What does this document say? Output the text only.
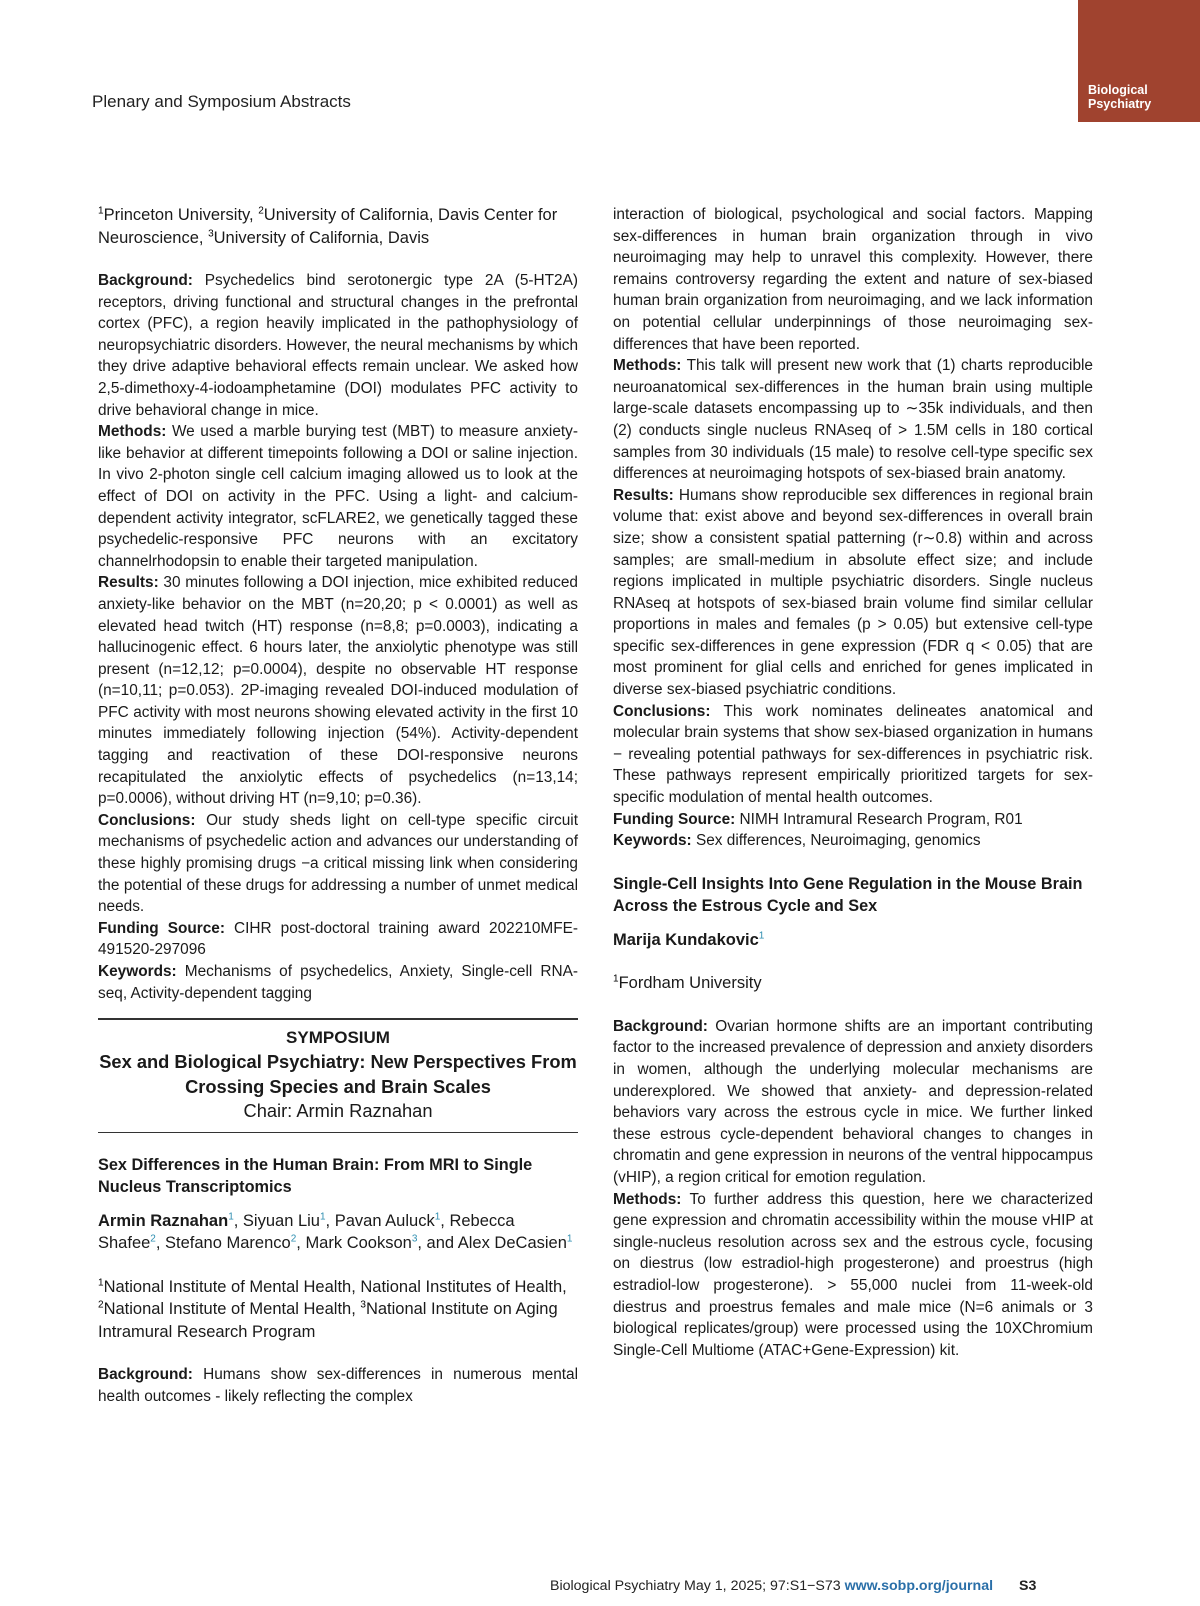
Plenary and Symposium Abstracts
Biological
Psychiatry

$^1$Princeton University, $^2$University of California, Davis Center for Neuroscience, $^3$University of California, Davis

Background: Psychedelics bind serotonergic type 2A (5-HT2A) receptors, driving functional and structural changes in the prefrontal cortex (PFC), a region heavily implicated in the pathophysiology of neuropsychiatric disorders. However, the neural mechanisms by which they drive adaptive behavioral effects remain unclear. We asked how 2,5-dimethoxy-4-iodoamphetamine (DOI) modulates PFC activity to drive behavioral change in mice.

Methods: We used a marble burying test (MBT) to measure anxiety-like behavior at different timepoints following a DOI or saline injection. In vivo 2-photon single cell calcium imaging allowed us to look at the effect of DOI on activity in the PFC. Using a light- and calcium-dependent activity integrator, scFLARE2, we genetically tagged these psychedelic-responsive PFC neurons with an excitatory channelrhodopsin to enable their targeted manipulation.

Results: 30 minutes following a DOI injection, mice exhibited reduced anxiety-like behavior on the MBT (n=20,20; p < 0.0001) as well as elevated head twitch (HT) response (n=8,8; p=0.0003), indicating a hallucinogenic effect. 6 hours later, the anxiolytic phenotype was still present (n=12,12; p=0.0004), despite no observable HT response (n=10,11; p=0.053). 2P-imaging revealed DOI-induced modulation of PFC activity with most neurons showing elevated activity in the first 10 minutes immediately following injection (54%). Activity-dependent tagging and reactivation of these DOI-responsive neurons recapitulated the anxiolytic effects of psychedelics (n=13,14; p=0.0006), without driving HT (n=9,10; p=0.36).

Conclusions: Our study sheds light on cell-type specific circuit mechanisms of psychedelic action and advances our understanding of these highly promising drugs −a critical missing link when considering the potential of these drugs for addressing a number of unmet medical needs.

Funding Source: CIHR post-doctoral training award 202210MFE-491520-297096

Keywords: Mechanisms of psychedelics, Anxiety, Single-cell RNA-seq, Activity-dependent tagging

SYMPOSIUM
Sex and Biological Psychiatry: New Perspectives From Crossing Species and Brain Scales
Chair: Armin Raznahan

Sex Differences in the Human Brain: From MRI to Single Nucleus Transcriptomics

Armin Raznahan$^1$, Siyuan Liu$^1$, Pavan Auluck$^1$, Rebecca Shafee$^2$, Stefano Marenco$^2$, Mark Cookson$^3$, and Alex DeCasien$^1$

$^1$National Institute of Mental Health, National Institutes of Health, $^2$National Institute of Mental Health, $^3$National Institute on Aging Intramural Research Program

Background: Humans show sex-differences in numerous mental health outcomes - likely reflecting the complex

interaction of biological, psychological and social factors. Mapping sex-differences in human brain organization through in vivo neuroimaging may help to unravel this complexity. However, there remains controversy regarding the extent and nature of sex-biased human brain organization from neuroimaging, and we lack information on potential cellular underpinnings of those neuroimaging sex-differences that have been reported.

Methods: This talk will present new work that (1) charts reproducible neuroanatomical sex-differences in the human brain using multiple large-scale datasets encompassing up to ∼35k individuals, and then (2) conducts single nucleus RNAseq of > 1.5M cells in 180 cortical samples from 30 individuals (15 male) to resolve cell-type specific sex differences at neuroimaging hotspots of sex-biased brain anatomy.

Results: Humans show reproducible sex differences in regional brain volume that: exist above and beyond sex-differences in overall brain size; show a consistent spatial patterning (r∼0.8) within and across samples; are small-medium in absolute effect size; and include regions implicated in multiple psychiatric disorders. Single nucleus RNAseq at hotspots of sex-biased brain volume find similar cellular proportions in males and females (p > 0.05) but extensive cell-type specific sex-differences in gene expression (FDR q < 0.05) that are most prominent for glial cells and enriched for genes implicated in diverse sex-biased psychiatric conditions.

Conclusions: This work nominates delineates anatomical and molecular brain systems that show sex-biased organization in humans − revealing potential pathways for sex-differences in psychiatric risk. These pathways represent empirically prioritized targets for sex-specific modulation of mental health outcomes.

Funding Source: NIMH Intramural Research Program, R01

Keywords: Sex differences, Neuroimaging, genomics

Single-Cell Insights Into Gene Regulation in the Mouse Brain Across the Estrous Cycle and Sex

Marija Kundakovic$^1$

$^1$Fordham University

Background: Ovarian hormone shifts are an important contributing factor to the increased prevalence of depression and anxiety disorders in women, although the underlying molecular mechanisms are underexplored. We showed that anxiety- and depression-related behaviors vary across the estrous cycle in mice. We further linked these estrous cycle-dependent behavioral changes to changes in chromatin and gene expression in neurons of the ventral hippocampus (vHIP), a region critical for emotion regulation.

Methods: To further address this question, here we characterized gene expression and chromatin accessibility within the mouse vHIP at single-nucleus resolution across sex and the estrous cycle, focusing on diestrus (low estradiol-high progesterone) and proestrus (high estradiol-low progesterone). > 55,000 nuclei from 11-week-old diestrus and proestrus females and male mice (N=6 animals or 3 biological replicates/group) were processed using the 10XChromium Single-Cell Multiome (ATAC+Gene-Expression) kit.

Biological Psychiatry May 1, 2025; 97:S1−S73 www.sobp.org/journal S3
